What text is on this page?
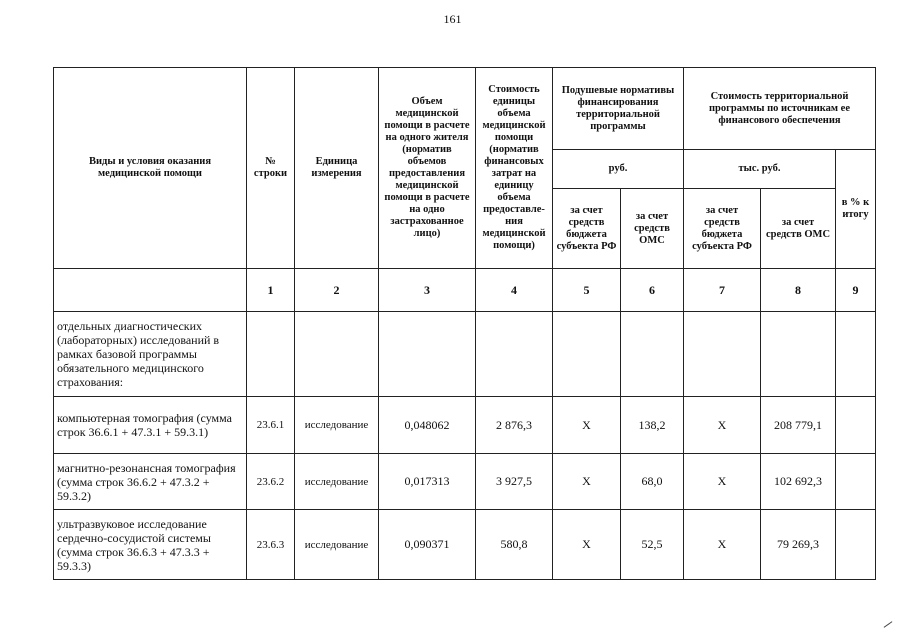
161
Виды и условия оказания медицинской помощи	№ строки	Единица измерения	Объем медицинской помощи в расчете на одного жителя (норматив объемов предоставления медицинской помощи в расчете на одно застрахованное лицо)	Стоимость единицы объема медицинской помощи (норматив финансовых затрат на единицу объема предоставле-ния медицинской помощи)	Подушевые нормативы финансирования территориальной программы		Стоимость территориальной программы по источникам ее финансового обеспечения		
					руб.		тыс. руб.		в % к итогу
					за счет средств бюджета субъекта РФ	за счет средств ОМС	за счет средств бюджета субъекта РФ	за счет средств ОМС	
	1	2	3	4	5	6	7	8	9
отдельных диагностических (лабораторных) исследований в рамках базовой программы обязательного медицинского страхования:									
компьютерная томография (сумма строк 36.6.1 + 47.3.1 + 59.3.1)	23.6.1	исследование	0,048062	2 876,3	Х	138,2	Х	208 779,1	
магнитно-резонансная томография (сумма строк 36.6.2 + 47.3.2 + 59.3.2)	23.6.2	исследование	0,017313	3 927,5	Х	68,0	Х	102 692,3	
ультразвуковое исследование сердечно-сосудистой системы (сумма строк 36.6.3 + 47.3.3 + 59.3.3)	23.6.3	исследование	0,090371	580,8	Х	52,5	Х	79 269,3	
